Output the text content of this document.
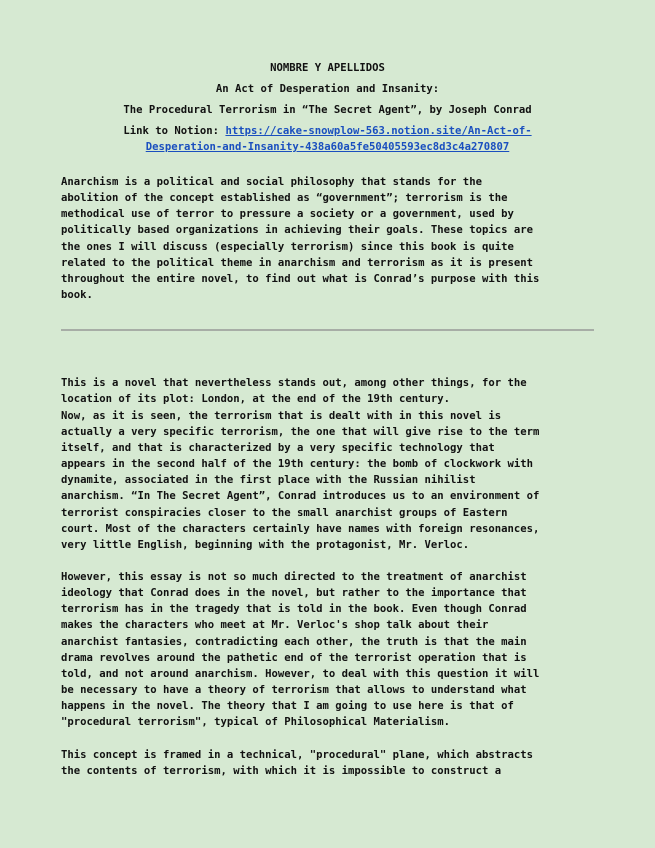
NOMBRE Y APELLIDOS

An Act of Desperation and Insanity:

The Procedural Terrorism in “The Secret Agent”, by Joseph Conrad

Link to Notion: https://cake-snowplow-563.notion.site/An-Act-of-
Desperation-and-Insanity-438a60a5fe50405593ec8d3c4a270807

Anarchism is a political and social philosophy that stands for the
abolition of the concept established as “government”; terrorism is the
methodical use of terror to pressure a society or a government, used by
politically based organizations in achieving their goals. These topics are
the ones I will discuss (especially terrorism) since this book is quite
related to the political theme in anarchism and terrorism as it is present
throughout the entire novel, to find out what is Conrad’s purpose with this
book.

This is a novel that nevertheless stands out, among other things, for the
location of its plot: London, at the end of the 19th century.
Now, as it is seen, the terrorism that is dealt with in this novel is
actually a very specific terrorism, the one that will give rise to the term
itself, and that is characterized by a very specific technology that
appears in the second half of the 19th century: the bomb of clockwork with
dynamite, associated in the first place with the Russian nihilist
anarchism. “In The Secret Agent”, Conrad introduces us to an environment of
terrorist conspiracies closer to the small anarchist groups of Eastern
court. Most of the characters certainly have names with foreign resonances,
very little English, beginning with the protagonist, Mr. Verloc.

However, this essay is not so much directed to the treatment of anarchist
ideology that Conrad does in the novel, but rather to the importance that
terrorism has in the tragedy that is told in the book. Even though Conrad
makes the characters who meet at Mr. Verloc's shop talk about their
anarchist fantasies, contradicting each other, the truth is that the main
drama revolves around the pathetic end of the terrorist operation that is
told, and not around anarchism. However, to deal with this question it will
be necessary to have a theory of terrorism that allows to understand what
happens in the novel. The theory that I am going to use here is that of
"procedural terrorism", typical of Philosophical Materialism.

This concept is framed in a technical, "procedural" plane, which abstracts
the contents of terrorism, with which it is impossible to construct a
